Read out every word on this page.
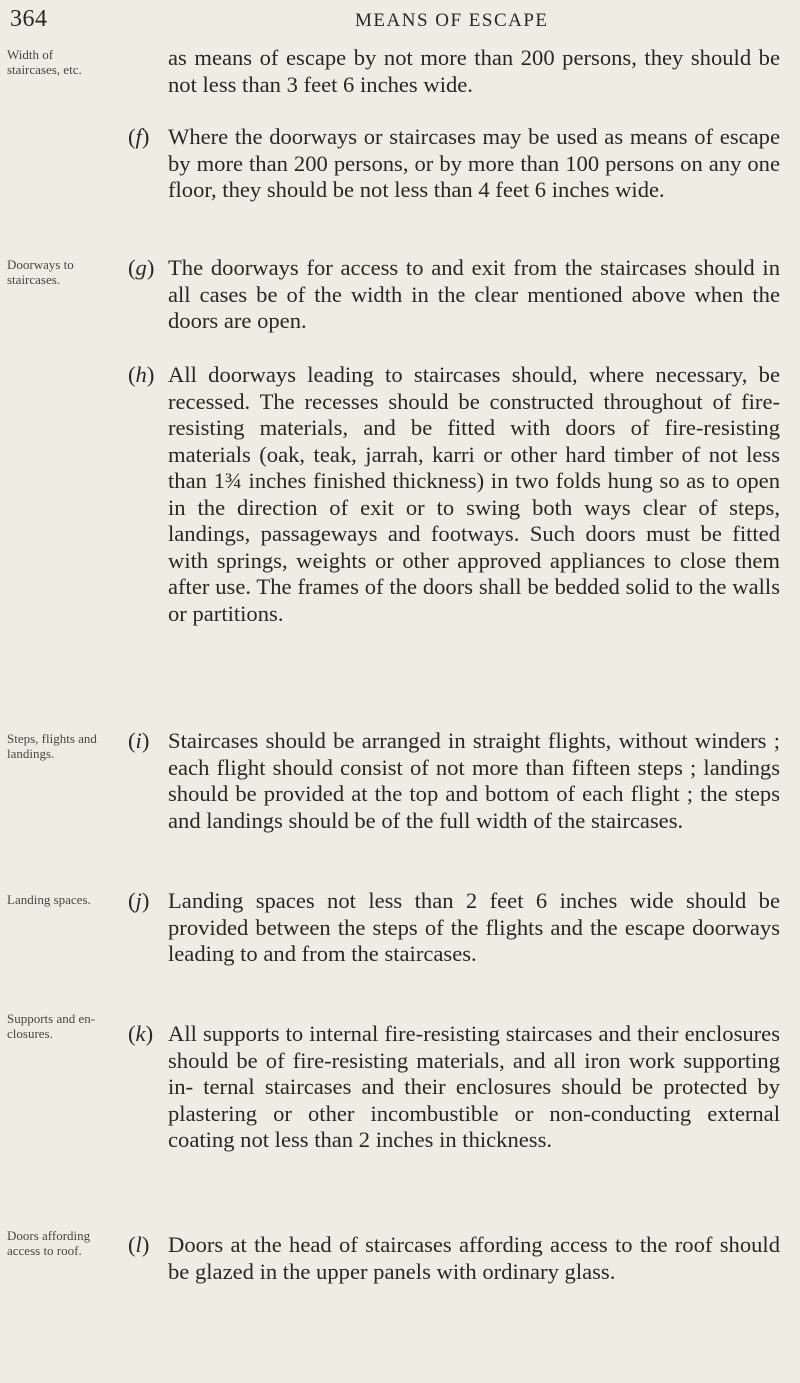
364	MEANS OF ESCAPE
Width of staircases, etc.
Doorways to staircases.
Steps, flights and landings.
Landing spaces.
Supports and en- closures.
Doors affording access to roof.
as means of escape by not more than 200 persons, they should be not less than 3 feet 6 inches wide.
(f) Where the doorways or staircases may be used as means of escape by more than 200 persons, or by more than 100 persons on any one floor, they should be not less than 4 feet 6 inches wide.
(g) The doorways for access to and exit from the staircases should in all cases be of the width in the clear mentioned above when the doors are open.
(h) All doorways leading to staircases should, where necessary, be recessed. The recesses should be constructed throughout of fire-resisting materials, and be fitted with doors of fire-resisting materials (oak, teak, jarrah, karri or other hard timber of not less than 1¾ inches finished thickness) in two folds hung so as to open in the direction of exit or to swing both ways clear of steps, landings, passageways and footways. Such doors must be fitted with springs, weights or other approved appliances to close them after use. The frames of the doors shall be bedded solid to the walls or partitions.
(i) Staircases should be arranged in straight flights, without winders ; each flight should consist of not more than fifteen steps ; landings should be provided at the top and bottom of each flight ; the steps and landings should be of the full width of the staircases.
(j) Landing spaces not less than 2 feet 6 inches wide should be provided between the steps of the flights and the escape doorways leading to and from the staircases.
(k) All supports to internal fire-resisting staircases and their enclosures should be of fire-resisting materials, and all iron work supporting in- ternal staircases and their enclosures should be protected by plastering or other incombustible or non-conducting external coating not less than 2 inches in thickness.
(l) Doors at the head of staircases affording access to the roof should be glazed in the upper panels with ordinary glass.
